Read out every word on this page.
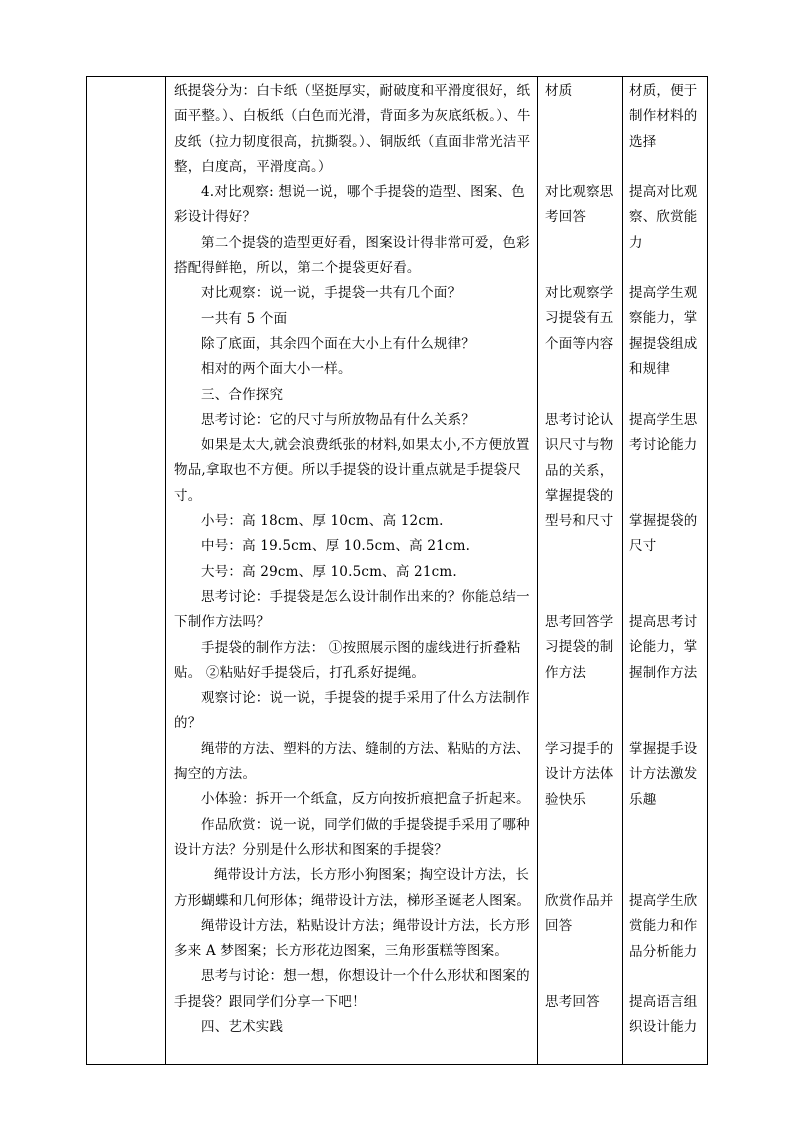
纸提袋分为：白卡纸（坚挺厚实，耐破度和平滑度很好，纸面平整。）、白板纸（白色而光滑，背面多为灰底纸板。）、牛皮纸（拉力韧度很高，抗撕裂。）、铜版纸（直面非常光洁平整，白度高，平滑度高。）

4.对比观察: 想说一说，哪个手提袋的造型、图案、色彩设计得好？

第二个提袋的造型更好看，图案设计得非常可爱，色彩搭配得鲜艳，所以，第二个提袋更好看。

对比观察：说一说，手提袋一共有几个面？

一共有 5 个面

除了底面，其余四个面在大小上有什么规律？

相对的两个面大小一样。

三、合作探究

思考讨论：它的尺寸与所放物品有什么关系？

如果是太大,就会浪费纸张的材料,如果太小,不方便放置物品,拿取也不方便。所以手提袋的设计重点就是手提袋尺寸。

小号：高 18cm、厚 10cm、高 12cm.

中号：高 19.5cm、厚 10.5cm、高 21cm.

大号：高 29cm、厚 10.5cm、高 21cm.

思考讨论：手提袋是怎么设计制作出来的？你能总结一下制作方法吗？

手提袋的制作方法： ①按照展示图的虚线进行折叠粘贴。 ②粘贴好手提袋后，打孔系好提绳。

观察讨论：说一说，手提袋的提手采用了什么方法制作的？

绳带的方法、塑料的方法、缝制的方法、粘贴的方法、掏空的方法。

小体验：拆开一个纸盒，反方向按折痕把盒子折起来。

作品欣赏：说一说，同学们做的手提袋提手采用了哪种设计方法？分别是什么形状和图案的手提袋？

绳带设计方法，长方形小狗图案；掏空设计方法，长方形蝴蝶和几何形体；绳带设计方法，梯形圣诞老人图案。

绳带设计方法，粘贴设计方法；绳带设计方法，长方形多来 A 梦图案；长方形花边图案，三角形蛋糕等图案。

思考与讨论：想一想，你想设计一个什么形状和图案的手提袋？跟同学们分享一下吧！

四、艺术实践

材质

对比观察思考回答

对比观察学习提袋有五个面等内容

思考讨论认识尺寸与物品的关系，掌握提袋的型号和尺寸

思考回答学习提袋的制作方法

学习提手的设计方法体验快乐

欣赏作品并回答

思考回答

材质，便于制作材料的选择

提高对比观察、欣赏能力

提高学生观察能力，掌握提袋组成和规律

提高学生思考讨论能力

掌握提袋的尺寸

提高思考讨论能力，掌握制作方法

掌握提手设计方法激发乐趣

提高学生欣赏能力和作品分析能力

提高语言组织设计能力
